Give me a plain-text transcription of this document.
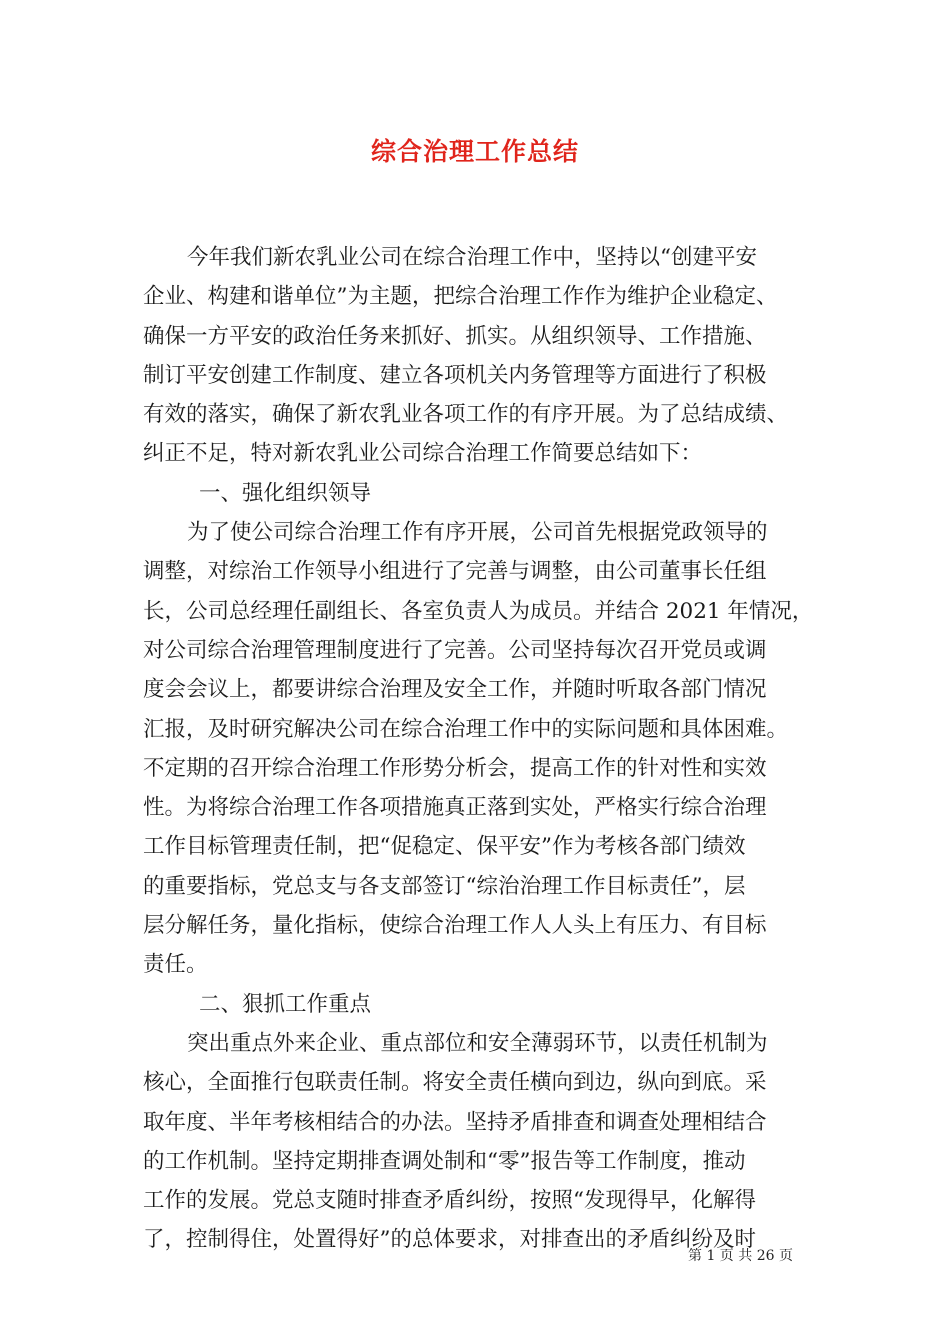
综合治理工作总结
今年我们新农乳业公司在综合治理工作中，坚持以“创建平安
企业、构建和谐单位”为主题，把综合治理工作作为维护企业稳定、
确保一方平安的政治任务来抓好、抓实。从组织领导、工作措施、
制订平安创建工作制度、建立各项机关内务管理等方面进行了积极
有效的落实，确保了新农乳业各项工作的有序开展。为了总结成绩、
纠正不足，特对新农乳业公司综合治理工作简要总结如下：
一、强化组织领导
为了使公司综合治理工作有序开展，公司首先根据党政领导的
调整，对综治工作领导小组进行了完善与调整，由公司董事长任组
长，公司总经理任副组长、各室负责人为成员。并结合 2021 年情况，
对公司综合治理管理制度进行了完善。公司坚持每次召开党员或调
度会会议上，都要讲综合治理及安全工作，并随时听取各部门情况
汇报，及时研究解决公司在综合治理工作中的实际问题和具体困难。
不定期的召开综合治理工作形势分析会，提高工作的针对性和实效
性。为将综合治理工作各项措施真正落到实处，严格实行综合治理
工作目标管理责任制，把“促稳定、保平安”作为考核各部门绩效
的重要指标，党总支与各支部签订“综治治理工作目标责任”，层
层分解任务，量化指标，使综合治理工作人人头上有压力、有目标
责任。
二、狠抓工作重点
突出重点外来企业、重点部位和安全薄弱环节，以责任机制为
核心，全面推行包联责任制。将安全责任横向到边，纵向到底。采
取年度、半年考核相结合的办法。坚持矛盾排查和调查处理相结合
的工作机制。坚持定期排查调处制和“零”报告等工作制度，推动
工作的发展。党总支随时排查矛盾纠纷，按照“发现得早，化解得
了，控制得住，处置得好”的总体要求，对排查出的矛盾纠纷及时
第 1 页 共 26 页
